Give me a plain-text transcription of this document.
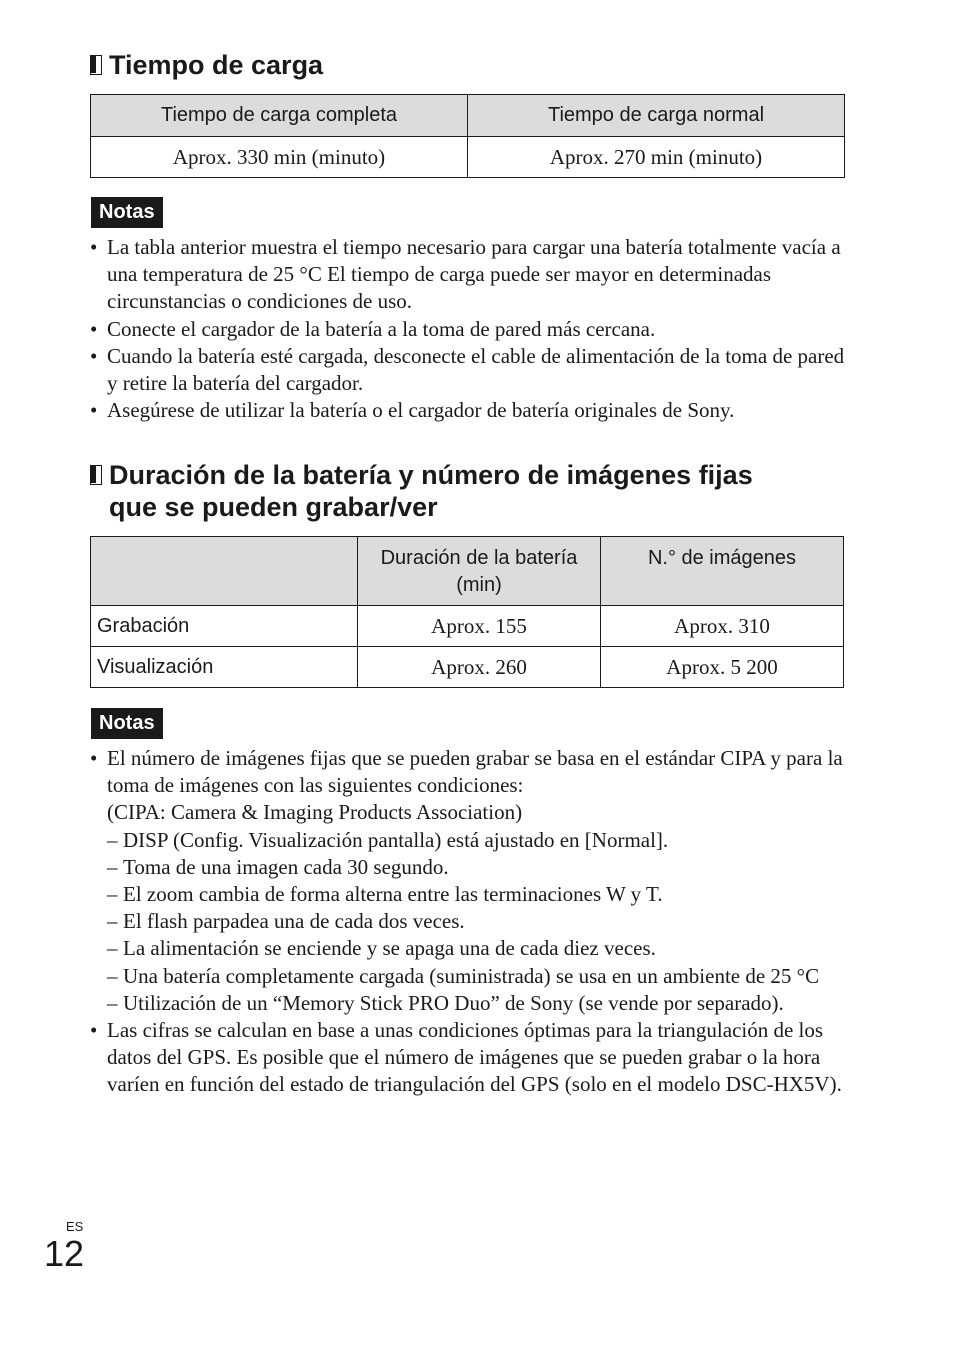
Tiempo de carga
Tiempo de carga completa	Tiempo de carga normal
Aprox. 330 min (minuto)	Aprox. 270 min (minuto)
Notas
• La tabla anterior muestra el tiempo necesario para cargar una batería totalmente vacía a una temperatura de 25 °C El tiempo de carga puede ser mayor en determinadas circunstancias o condiciones de uso.
• Conecte el cargador de la batería a la toma de pared más cercana.
• Cuando la batería esté cargada, desconecte el cable de alimentación de la toma de pared y retire la batería del cargador.
• Asegúrese de utilizar la batería o el cargador de batería originales de Sony.
Duración de la batería y número de imágenes fijas
que se pueden grabar/ver
	Duración de la batería (min)	N.° de imágenes
Grabación	Aprox. 155	Aprox. 310
Visualización	Aprox. 260	Aprox. 5 200
Notas
• El número de imágenes fijas que se pueden grabar se basa en el estándar CIPA y para la toma de imágenes con las siguientes condiciones:
(CIPA: Camera & Imaging Products Association)
– DISP (Config. Visualización pantalla) está ajustado en [Normal].
– Toma de una imagen cada 30 segundo.
– El zoom cambia de forma alterna entre las terminaciones W y T.
– El flash parpadea una de cada dos veces.
– La alimentación se enciende y se apaga una de cada diez veces.
– Una batería completamente cargada (suministrada) se usa en un ambiente de 25 °C
– Utilización de un “Memory Stick PRO Duo” de Sony (se vende por separado).
• Las cifras se calculan en base a unas condiciones óptimas para la triangulación de los datos del GPS. Es posible que el número de imágenes que se pueden grabar o la hora varíen en función del estado de triangulación del GPS (solo en el modelo DSC-HX5V).
ES
12
